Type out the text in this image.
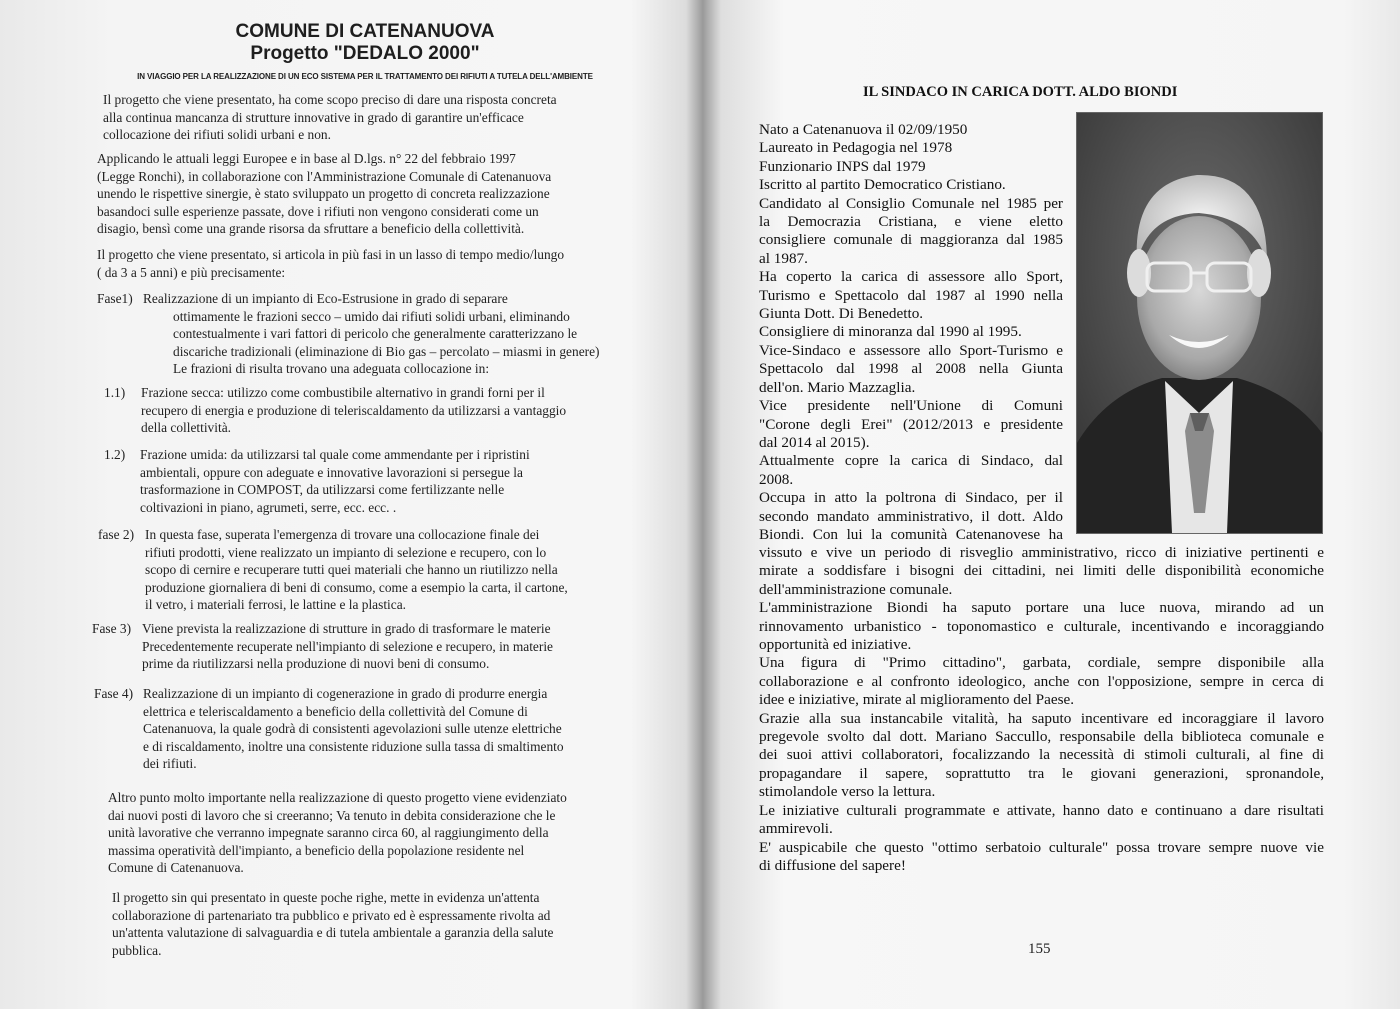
COMUNE DI CATENANUOVA
Progetto "DEDALO 2000"
IN VIAGGIO PER LA REALIZZAZIONE DI UN ECO SISTEMA PER IL TRATTAMENTO DEI RIFIUTI A TUTELA DELL'AMBIENTE
Il progetto che viene presentato, ha come scopo preciso di dare una risposta concreta
alla continua mancanza di strutture innovative in grado di garantire un'efficace
collocazione dei rifiuti solidi urbani e non.
Applicando le attuali leggi Europee e in base al D.lgs. n° 22 del febbraio 1997
(Legge Ronchi), in collaborazione con l'Amministrazione Comunale di Catenanuova
unendo le rispettive sinergie, è stato sviluppato un progetto di concreta realizzazione
basandoci sulle esperienze passate, dove i rifiuti non vengono considerati come un
disagio, bensì come una grande risorsa da sfruttare a beneficio della collettività.
Il progetto che viene presentato, si articola in più fasi in un lasso di tempo medio/lungo
( da 3 a 5 anni) e più precisamente:
Fase1) Realizzazione di un impianto di Eco-Estrusione in grado di separare
ottimamente le frazioni secco – umido dai rifiuti solidi urbani, eliminando
contestualmente i vari fattori di pericolo che generalmente caratterizzano le
discariche tradizionali (eliminazione di Bio gas – percolato – miasmi in genere)
Le frazioni di risulta trovano una adeguata collocazione in:
1.1) Frazione secca: utilizzo come combustibile alternativo in grandi forni per il
recupero di energia e produzione di teleriscaldamento da utilizzarsi a vantaggio
della collettività.
1.2) Frazione umida: da utilizzarsi tal quale come ammendante per i ripristini
ambientali, oppure con adeguate e innovative lavorazioni si persegue la
trasformazione in COMPOST, da utilizzarsi come fertilizzante nelle
coltivazioni in piano, agrumeti, serre, ecc. ecc. .
fase 2) In questa fase, superata l'emergenza di trovare una collocazione finale dei
rifiuti prodotti, viene realizzato un impianto di selezione e recupero, con lo
scopo di cernire e recuperare tutti quei materiali che hanno un riutilizzo nella
produzione giornaliera di beni di consumo, come a esempio la carta, il cartone,
il vetro, i materiali ferrosi, le lattine e la plastica.
Fase 3) Viene prevista la realizzazione di strutture in grado di trasformare le materie
Precedentemente recuperate nell'impianto di selezione e recupero, in materie
prime da riutilizzarsi nella produzione di nuovi beni di consumo.
Fase 4) Realizzazione di un impianto di cogenerazione in grado di produrre energia
elettrica e teleriscaldamento a beneficio della collettività del Comune di
Catenanuova, la quale godrà di consistenti agevolazioni sulle utenze elettriche
e di riscaldamento, inoltre una consistente riduzione sulla tassa di smaltimento
dei rifiuti.
Altro punto molto importante nella realizzazione di questo progetto viene evidenziato
dai nuovi posti di lavoro che si creeranno; Va tenuto in debita considerazione che le
unità lavorative che verranno impegnate saranno circa 60, al raggiungimento della
massima operatività dell'impianto, a beneficio della popolazione residente nel
Comune di Catenanuova.
Il progetto sin qui presentato in queste poche righe, mette in evidenza un'attenta
collaborazione di partenariato tra pubblico e privato ed è espressamente rivolta ad
un'attenta valutazione di salvaguardia e di tutela ambientale a garanzia della salute
pubblica.
IL SINDACO IN CARICA DOTT. ALDO BIONDI
Nato a Catenanuova il 02/09/1950
Laureato in Pedagogia nel 1978
Funzionario INPS dal 1979
Iscritto al partito Democratico Cristiano.
Candidato al Consiglio Comunale nel 1985 per
la Democrazia Cristiana, e viene eletto
consigliere comunale di maggioranza dal 1985
al 1987.
Ha coperto la carica di assessore allo Sport,
Turismo e Spettacolo dal 1987 al 1990 nella
Giunta Dott. Di Benedetto.
Consigliere di minoranza dal 1990 al 1995.
Vice-Sindaco e assessore allo Sport-Turismo e
Spettacolo dal 1998 al 2008 nella Giunta
dell'on. Mario Mazzaglia.
Vice presidente nell'Unione di Comuni
"Corone degli Erei" (2012/2013 e presidente
dal 2014 al 2015).
Attualmente copre la carica di Sindaco, dal
2008.
Occupa in atto la poltrona di Sindaco, per il
secondo mandato amministrativo, il dott. Aldo
Biondi. Con lui la comunità Catenanovese ha
vissuto e vive un periodo di risveglio amministrativo, ricco di iniziative pertinenti e
mirate a soddisfare i bisogni dei cittadini, nei limiti delle disponibilità economiche
dell'amministrazione comunale.
L'amministrazione Biondi ha saputo portare una luce nuova, mirando ad un
rinnovamento urbanistico - toponomastico e culturale, incentivando e incoraggiando
opportunità ed iniziative.
Una figura di "Primo cittadino", garbata, cordiale, sempre disponibile alla
collaborazione e al confronto ideologico, anche con l'opposizione, sempre in cerca di
idee e iniziative, mirate al miglioramento del Paese.
Grazie alla sua instancabile vitalità, ha saputo incentivare ed incoraggiare il lavoro
pregevole svolto dal dott. Mariano Saccullo, responsabile della biblioteca comunale e
dei suoi attivi collaboratori, focalizzando la necessità di stimoli culturali, al fine di
propagandare il sapere, soprattutto tra le giovani generazioni, spronandole,
stimolandole verso la lettura.
Le iniziative culturali programmate e attivate, hanno dato e continuano a dare risultati
ammirevoli.
E' auspicabile che questo "ottimo serbatoio culturale" possa trovare sempre nuove vie
di diffusione del sapere!
155
